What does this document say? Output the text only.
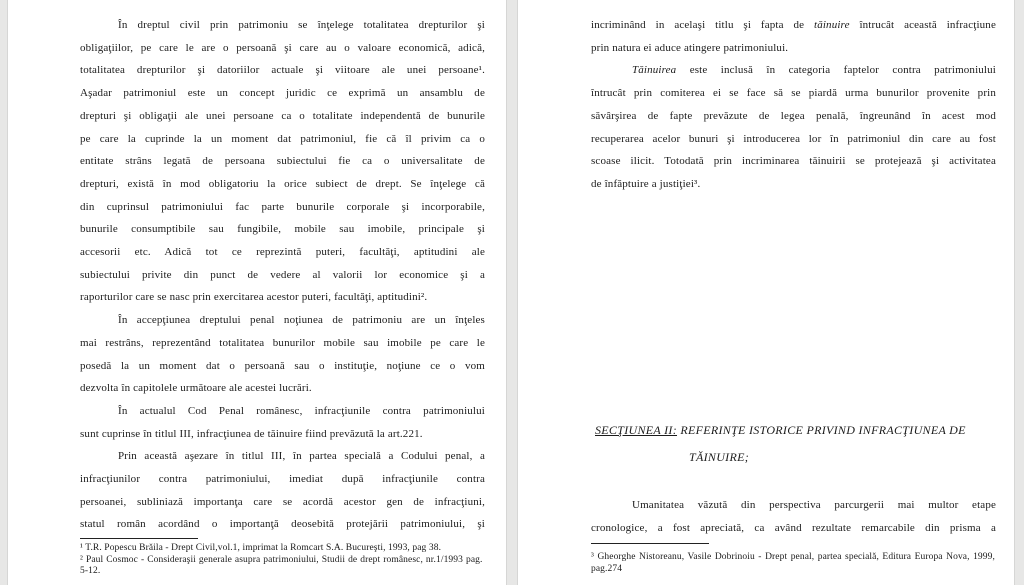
În dreptul civil prin patrimoniu se înţelege totalitatea drepturilor şi
obligaţiilor, pe care le are o persoană şi care au o valoare economică, adică,
totalitatea drepturilor şi datoriilor actuale şi viitoare ale unei persoane¹.
Aşadar patrimoniul este un concept juridic ce exprimă un ansamblu de
drepturi şi obligaţii ale unei persoane ca o totalitate independentă de bunurile
pe care la cuprinde la un moment dat patrimoniul, fie că îl privim ca o
entitate strâns legată de persoana subiectului fie ca o universalitate de
drepturi, există în mod obligatoriu la orice subiect de drept. Se înţelege că
din cuprinsul patrimoniului fac parte bunurile corporale şi incorporabile,
bunurile consumptibile sau fungibile, mobile sau imobile, principale şi
accesorii etc. Adică tot ce reprezintă puteri, facultăţi, aptitudini ale
subiectului privite din punct de vedere al valorii lor economice şi a
raporturilor care se nasc prin exercitarea acestor puteri, facultăţi, aptitudini².
În accepţiunea dreptului penal noţiunea de patrimoniu are un înţeles
mai restrâns, reprezentând totalitatea bunurilor mobile sau imobile pe care le
posedă la un moment dat o persoană sau o instituţie, noţiune ce o vom
dezvolta în capitolele următoare ale acestei lucrări.
În actualul Cod Penal românesc, infracţiunile contra patrimoniului
sunt cuprinse în titlul III, infracţiunea de tăinuire fiind prevăzută la art.221.
Prin această aşezare în titlul III, în partea specială a Codului penal, a
infracţiunilor contra patrimoniului, imediat după infracţiunile contra
persoanei, subliniază importanţa care se acordă acestor gen de infracţiuni,
statul român acordând o importanţă deosebită protejării patrimoniului, şi
¹ T.R. Popescu Brăila - Drept Civil,vol.1, imprimat la Romcart S.A. Bucureşti, 1993, pag 38.
² Paul Cosmoc - Consideraşii generale asupra patrimoniului, Studii de drept românesc, nr.1/1993 pag.
5-12.
incriminând in acelaşi titlu şi fapta de tăinuire întrucât această infracţiune
prin natura ei aduce atingere patrimoniului.
Tăinuirea este inclusă în categoria faptelor contra patrimoniului
întrucât prin comiterea ei se face să se piardă urma bunurilor provenite prin
săvârşirea de fapte prevăzute de legea penală, îngreunând în acest mod
recuperarea acelor bunuri şi introducerea lor în patrimoniul din care au fost
scoase ilicit. Totodată prin incriminarea tăinuirii se protejează şi activitatea
de înfăptuire a justiţiei³.
SECŢIUNEA II: REFERINŢE ISTORICE PRIVIND INFRACŢIUNEA DE
TĂINUIRE;
Umanitatea văzută din perspectiva parcurgerii mai multor etape
cronologice, a fost apreciată, ca având rezultate remarcabile din prisma a
³ Gheorghe Nistoreanu, Vasile Dobrinoiu - Drept penal, partea specială, Editura Europa Nova, 1999,
pag.274
